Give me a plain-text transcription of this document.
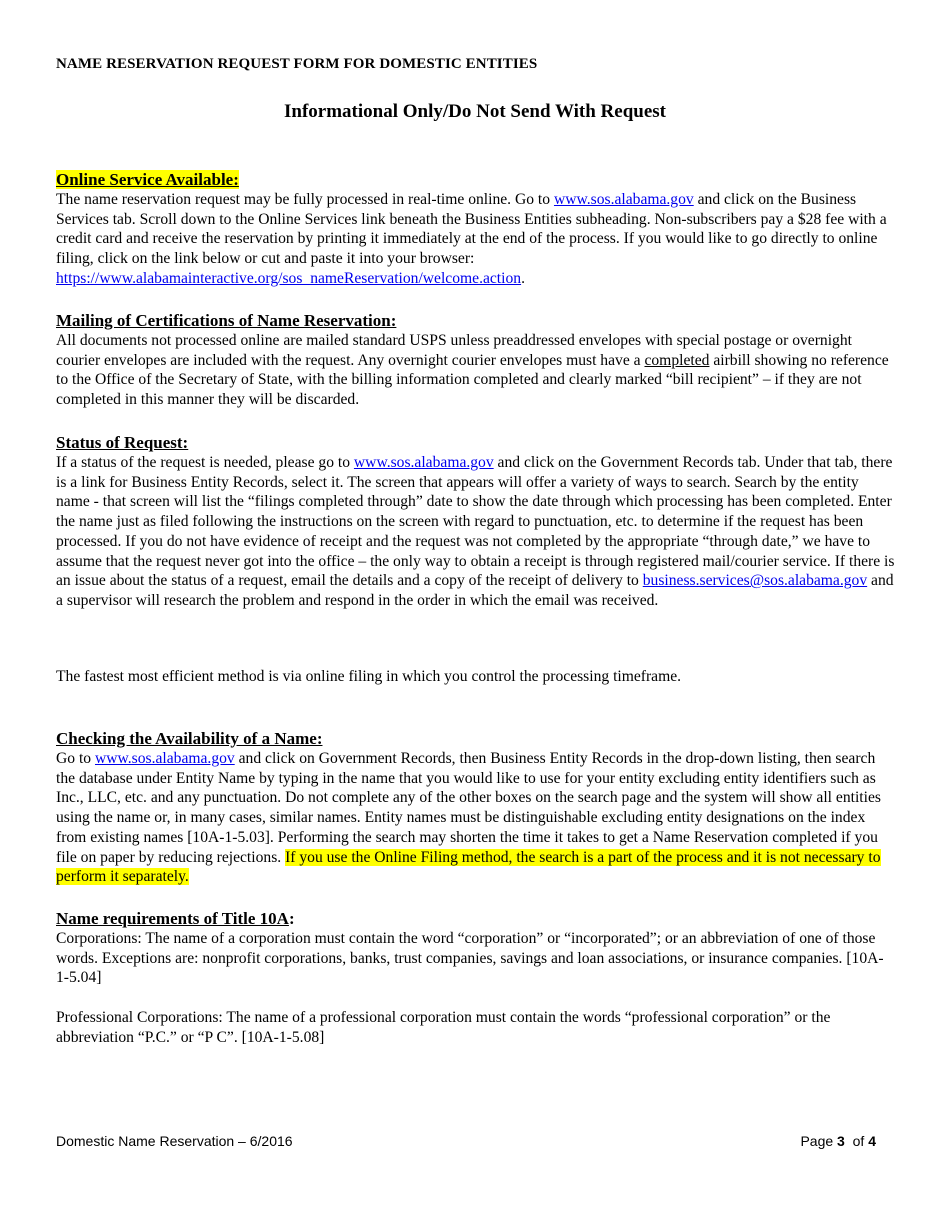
NAME RESERVATION REQUEST FORM FOR DOMESTIC ENTITIES
Informational Only/Do Not Send With Request
Online Service Available:

The name reservation request may be fully processed in real-time online. Go to www.sos.alabama.gov and click on the Business Services tab. Scroll down to the Online Services link beneath the Business Entities subheading. Non-subscribers pay a $28 fee with a credit card and receive the reservation by printing it immediately at the end of the process. If you would like to go directly to online filing, click on the link below or cut and paste it into your browser: https://www.alabamainteractive.org/sos_nameReservation/welcome.action.

Mailing of Certifications of Name Reservation:

All documents not processed online are mailed standard USPS unless preaddressed envelopes with special postage or overnight courier envelopes are included with the request. Any overnight courier envelopes must have a completed airbill showing no reference to the Office of the Secretary of State, with the billing information completed and clearly marked “bill recipient” – if they are not completed in this manner they will be discarded.

Status of Request:

If a status of the request is needed, please go to www.sos.alabama.gov and click on the Government Records tab. Under that tab, there is a link for Business Entity Records, select it. The screen that appears will offer a variety of ways to search. Search by the entity name - that screen will list the “filings completed through” date to show the date through which processing has been completed. Enter the name just as filed following the instructions on the screen with regard to punctuation, etc. to determine if the request has been processed. If you do not have evidence of receipt and the request was not completed by the appropriate “through date,” we have to assume that the request never got into the office – the only way to obtain a receipt is through registered mail/courier service. If there is an issue about the status of a request, email the details and a copy of the receipt of delivery to business.services@sos.alabama.gov and a supervisor will research the problem and respond in the order in which the email was received.

The fastest most efficient method is via online filing in which you control the processing timeframe.
Checking the Availability of a Name:

Go to www.sos.alabama.gov and click on Government Records, then Business Entity Records in the drop-down listing, then search the database under Entity Name by typing in the name that you would like to use for your entity excluding entity identifiers such as Inc., LLC, etc. and any punctuation. Do not complete any of the other boxes on the search page and the system will show all entities using the name or, in many cases, similar names. Entity names must be distinguishable excluding entity designations on the index from existing names [10A-1-5.03]. Performing the search may shorten the time it takes to get a Name Reservation completed if you file on paper by reducing rejections. If you use the Online Filing method, the search is a part of the process and it is not necessary to perform it separately.

Name requirements of Title 10A:

Corporations: The name of a corporation must contain the word “corporation” or “incorporated”; or an abbreviation of one of those words. Exceptions are: nonprofit corporations, banks, trust companies, savings and loan associations, or insurance companies. [10A-1-5.04]

Professional Corporations: The name of a professional corporation must contain the words “professional corporation” or the abbreviation “P.C.” or “P C”. [10A-1-5.08]

Domestic Name Reservation – 6/2016	Page 3  of 4
